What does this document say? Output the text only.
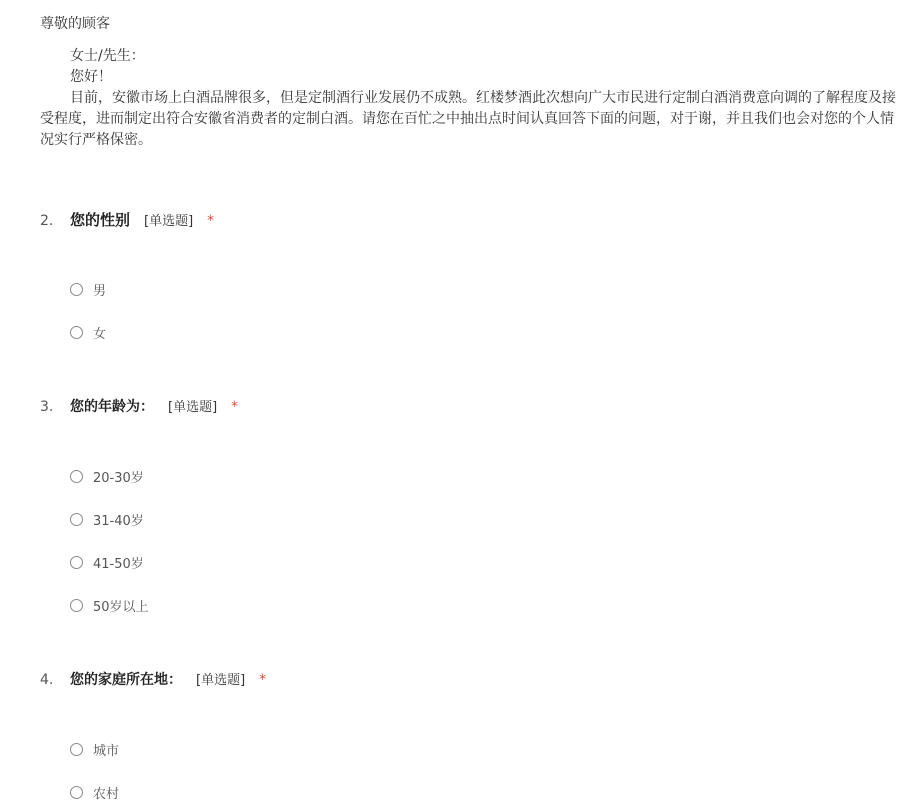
尊敬的顾客
女士/先生：
您好！

目前，安徽市场上白酒品牌很多，但是定制酒行业发展仍不成熟。红楼梦酒此次想向广大市民进行定制白酒消费意向调的了解程度及接受程度，进而制定出符合安徽省消费者的定制白酒。请您在百忙之中抽出点时间认真回答下面的问题，对于谢，并且我们也会对您的个人情况实行严格保密。

2. 您的性别 [单选题] *
男
女
3. 您的年龄为： [单选题] *
20-30岁
31-40岁
41-50岁
50岁以上
4. 您的家庭所在地： [单选题] *
城市
农村
